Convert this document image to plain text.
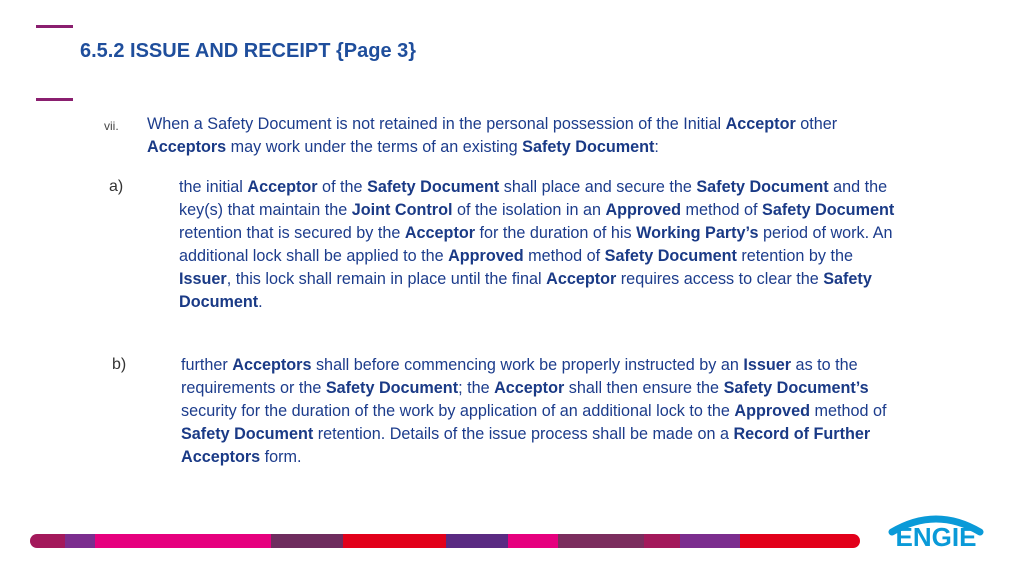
6.5.2 ISSUE AND RECEIPT {Page 3}
vii. When a Safety Document is not retained in the personal possession of the Initial Acceptor other Acceptors may work under the terms of an existing Safety Document:
a)	the initial Acceptor of the Safety Document shall place and secure the Safety Document and the key(s) that maintain the Joint Control of the isolation in an Approved method of Safety Document retention that is secured by the Acceptor for the duration of his Working Party’s period of work. An additional lock shall be applied to the Approved method of Safety Document retention by the Issuer, this lock shall remain in place until the final Acceptor requires access to clear the Safety Document.
b)	further Acceptors shall before commencing work be properly instructed by an Issuer as to the requirements or the Safety Document; the Acceptor shall then ensure the Safety Document’s security for the duration of the work by application of an additional lock to the Approved method of Safety Document retention. Details of the issue process shall be made on a Record of Further Acceptors form.
ENGIE
